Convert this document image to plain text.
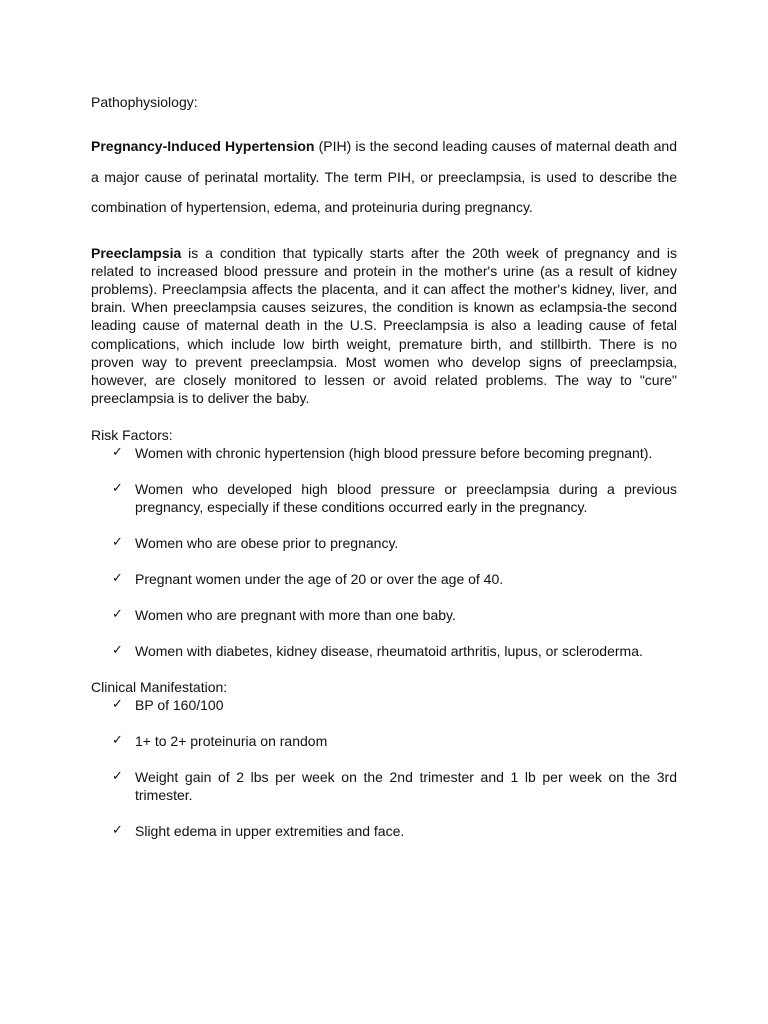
Pathophysiology:

Pregnancy-Induced Hypertension (PIH) is the second leading causes of maternal death and a major cause of perinatal mortality. The term PIH, or preeclampsia, is used to describe the combination of hypertension, edema, and proteinuria during pregnancy.

Preeclampsia is a condition that typically starts after the 20th week of pregnancy and is related to increased blood pressure and protein in the mother's urine (as a result of kidney problems). Preeclampsia affects the placenta, and it can affect the mother's kidney, liver, and brain. When preeclampsia causes seizures, the condition is known as eclampsia-the second leading cause of maternal death in the U.S. Preeclampsia is also a leading cause of fetal complications, which include low birth weight, premature birth, and stillbirth. There is no proven way to prevent preeclampsia. Most women who develop signs of preeclampsia, however, are closely monitored to lessen or avoid related problems. The way to "cure" preeclampsia is to deliver the baby.

Risk Factors:

✓ Women with chronic hypertension (high blood pressure before becoming pregnant).
✓ Women who developed high blood pressure or preeclampsia during a previous pregnancy, especially if these conditions occurred early in the pregnancy.
✓ Women who are obese prior to pregnancy.
✓ Pregnant women under the age of 20 or over the age of 40.
✓ Women who are pregnant with more than one baby.
✓ Women with diabetes, kidney disease, rheumatoid arthritis, lupus, or scleroderma.

Clinical Manifestation:

✓ BP of 160/100
✓ 1+ to 2+ proteinuria on random
✓ Weight gain of 2 lbs per week on the 2nd trimester and 1 lb per week on the 3rd trimester.
✓ Slight edema in upper extremities and face.
